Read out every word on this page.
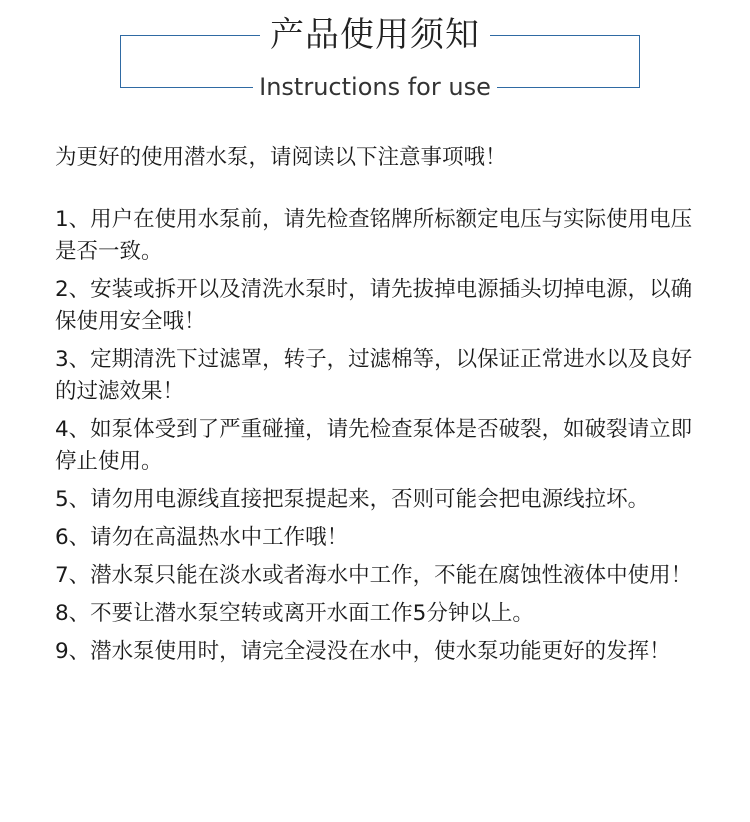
产品使用须知
Instructions for use

为更好的使用潜水泵，请阅读以下注意事项哦！

1、用户在使用水泵前，请先检查铭牌所标额定电压与实际使用电压是否一致。

2、安装或拆开以及清洗水泵时，请先拔掉电源插头切掉电源，以确保使用安全哦！

3、定期清洗下过滤罩，转子，过滤棉等，以保证正常进水以及良好的过滤效果！

4、如泵体受到了严重碰撞，请先检查泵体是否破裂，如破裂请立即停止使用。

5、请勿用电源线直接把泵提起来，否则可能会把电源线拉坏。

6、请勿在高温热水中工作哦！

7、潜水泵只能在淡水或者海水中工作，不能在腐蚀性液体中使用！

8、不要让潜水泵空转或离开水面工作5分钟以上。

9、潜水泵使用时，请完全浸没在水中，使水泵功能更好的发挥！
